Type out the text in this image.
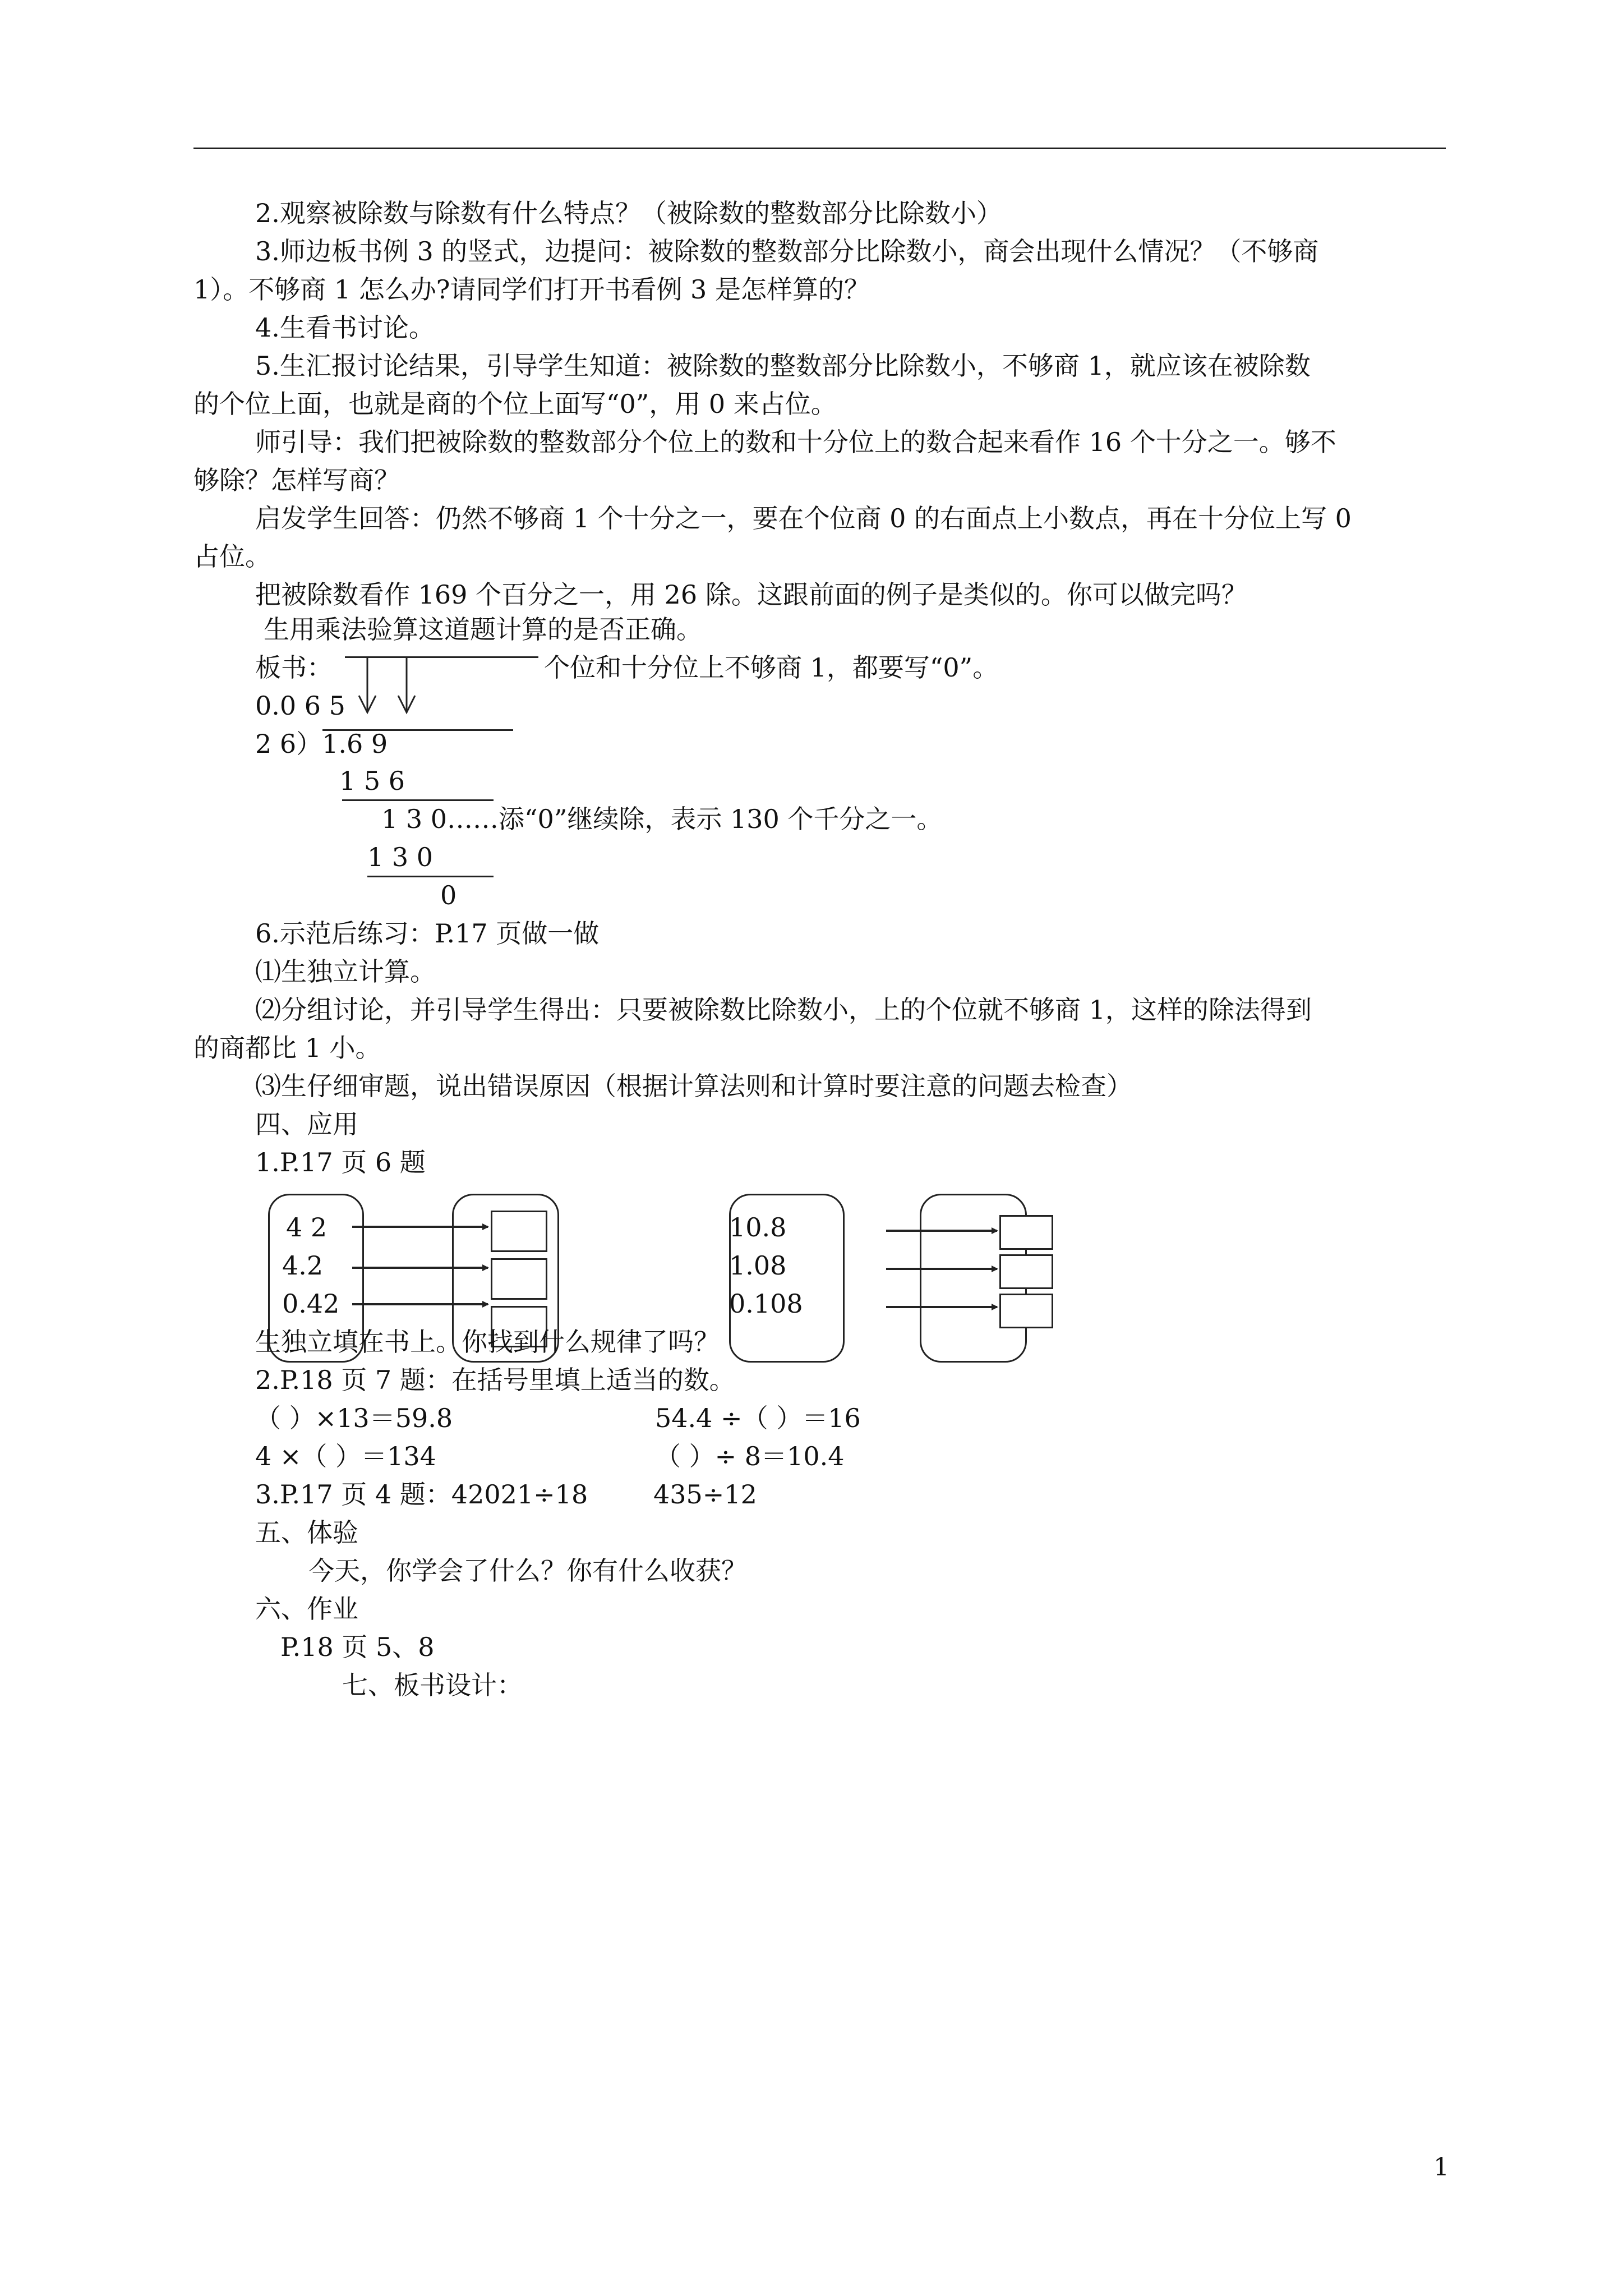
2.观察被除数与除数有什么特点？（被除数的整数部分比除数小）
3.师边板书例 3 的竖式，边提问：被除数的整数部分比除数小，商会出现什么情况？（不够商
1）。不够商 1 怎么办?请同学们打开书看例 3 是怎样算的？
4.生看书讨论。
5.生汇报讨论结果，引导学生知道：被除数的整数部分比除数小，不够商 1，就应该在被除数
的个位上面，也就是商的个位上面写“0”，用 0 来占位。
师引导：我们把被除数的整数部分个位上的数和十分位上的数合起来看作 16 个十分之一。够不
够除？怎样写商？
启发学生回答：仍然不够商 1 个十分之一，要在个位商 0 的右面点上小数点，再在十分位上写 0
占位。
把被除数看作 169 个百分之一，用 26 除。这跟前面的例子是类似的。你可以做完吗？
生用乘法验算这道题计算的是否正确。
板书：	个位和十分位上不够商 1，都要写“0”。
0.0 6 5
2 6）1.6 9
1 5 6
1 3 0……添“0”继续除，表示 130 个千分之一。
1 3 0
0
6.示范后练习：P.17 页做一做
⑴生独立计算。
⑵分组讨论，并引导学生得出：只要被除数比除数小，上的个位就不够商 1，这样的除法得到
的商都比 1 小。
⑶生仔细审题，说出错误原因（根据计算法则和计算时要注意的问题去检查）
四、应用
1.P.17 页 6 题
4 2
4.2
0.42
10.8
1.08
0.108
生独立填在书上。你找到什么规律了吗？
2.P.18 页 7 题：在括号里填上适当的数。
（ ）×13＝59.8	54.4 ÷（ ）＝16
4 ×（ ）＝134	（ ）÷ 8＝10.4
3.P.17 页 4 题：42021÷18	435÷12
五、体验
今天，你学会了什么？你有什么收获？
六、作业
P.18 页 5、8
七、板书设计：
1
